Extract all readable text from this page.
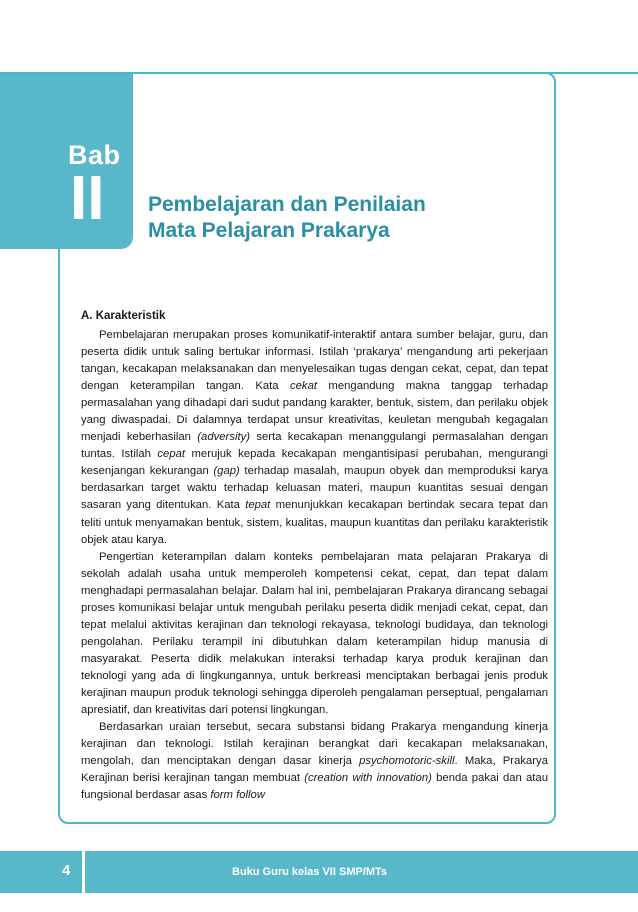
Bab
II Pembelajaran dan Penilaian
Mata Pelajaran Prakarya
A. Karakteristik

Pembelajaran merupakan proses komunikatif-interaktif antara sumber belajar, guru, dan peserta didik untuk saling bertukar informasi. Istilah ‘prakarya’ mengandung arti pekerjaan tangan, kecakapan melaksanakan dan menyelesaikan tugas dengan cekat, cepat, dan tepat dengan keterampilan tangan. Kata cekat mengandung makna tanggap terhadap permasalahan yang dihadapi dari sudut pandang karakter, bentuk, sistem, dan perilaku objek yang diwaspadai. Di dalamnya terdapat unsur kreativitas, keuletan mengubah kegagalan menjadi keberhasilan (adversity) serta kecakapan menanggulangi permasalahan dengan tuntas. Istilah cepat merujuk kepada kecakapan mengantisipasi perubahan, mengurangi kesenjangan kekurangan (gap) terhadap masalah, maupun obyek dan memproduksi karya berdasarkan target waktu terhadap keluasan materi, maupun kuantitas sesuai dengan sasaran yang ditentukan. Kata tepat menunjukkan kecakapan bertindak secara tepat dan teliti untuk menyamakan bentuk, sistem, kualitas, maupun kuantitas dan perilaku karakteristik objek atau karya.

Pengertian keterampilan dalam konteks pembelajaran mata pelajaran Prakarya di sekolah adalah usaha untuk memperoleh kompetensi cekat, cepat, dan tepat dalam menghadapi permasalahan belajar. Dalam hal ini, pembelajaran Prakarya dirancang sebagai proses komunikasi belajar untuk mengubah perilaku peserta didik menjadi cekat, cepat, dan tepat melalui aktivitas kerajinan dan teknologi rekayasa, teknologi budidaya, dan teknologi pengolahan. Perilaku terampil ini dibutuhkan dalam keterampilan hidup manusia di masyarakat. Peserta didik melakukan interaksi terhadap karya produk kerajinan dan teknologi yang ada di lingkungannya, untuk berkreasi menciptakan berbagai jenis produk kerajinan maupun produk teknologi sehingga diperoleh pengalaman perseptual, pengalaman apresiatif, dan kreativitas dari potensi lingkungan.

Berdasarkan uraian tersebut, secara substansi bidang Prakarya mengandung kinerja kerajinan dan teknologi. Istilah kerajinan berangkat dari kecakapan melaksanakan, mengolah, dan menciptakan dengan dasar kinerja psychomotoric-skill. Maka, Prakarya Kerajinan berisi kerajinan tangan membuat (creation with innovation) benda pakai dan atau fungsional berdasar asas form follow

4	Buku Guru kelas VII SMP/MTs
